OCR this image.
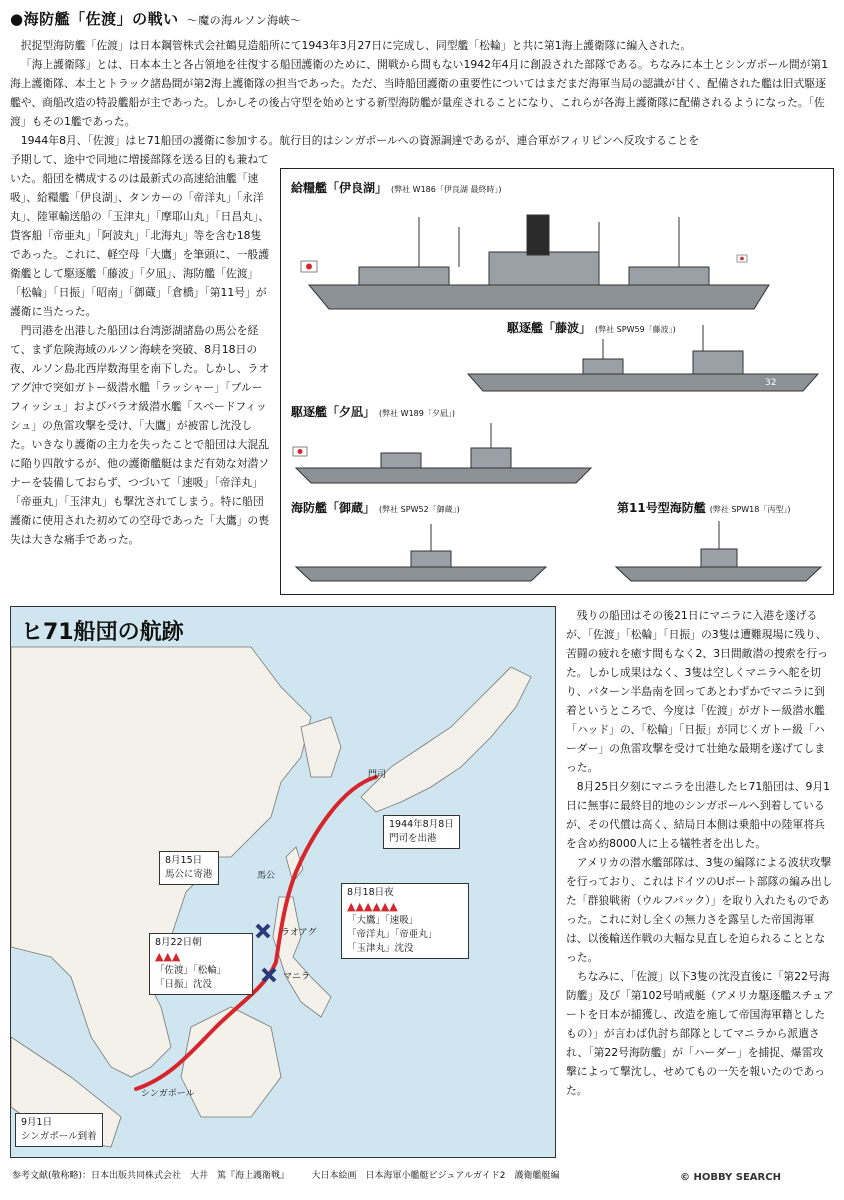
●海防艦「佐渡」の戦い 〜魔の海ルソン海峡〜

択捉型海防艦「佐渡」は日本鋼管株式会社鶴見造船所にて1943年3月27日に完成し、同型艦「松輪」と共に第1海上護衛隊に編入された。

「海上護衛隊」とは、日本本土と各占領地を往復する船団護衛のために、開戦から間もない1942年4月に創設された部隊である。ちなみに本土とシンガポール間が第1海上護衛隊、本土とトラック諸島間が第2海上護衛隊の担当であった。ただ、当時船団護衛の重要性についてはまだまだ海軍当局の認識が甘く、配備された艦は旧式駆逐艦や、商船改造の特設艦船が主であった。しかしその後占守型を始めとする新型海防艦が量産されることになり、これらが各海上護衛隊に配備されるようになった。「佐渡」もその1艦であった。

1944年8月、「佐渡」はヒ71船団の護衛に参加する。航行目的はシンガポールへの資源調達であるが、連合軍がフィリピンへ反攻することを

予期して、途中で同地に増援部隊を送る目的も兼ねていた。船団を構成するのは最新式の高速給油艦「速吸」、給糧艦「伊良湖」、タンカーの「帝洋丸」「永洋丸」、陸軍輸送船の「玉津丸」「摩耶山丸」「日昌丸」、貨客船「帝亜丸」「阿波丸」「北海丸」等を含む18隻であった。これに、軽空母「大鷹」を筆頭に、一般護衛艦として駆逐艦「藤波」「夕凪」、海防艦「佐渡」「松輪」「日振」「昭南」「御蔵」「倉橋」「第11号」が護衛に当たった。

門司港を出港した船団は台湾澎湖諸島の馬公を経て、まず危険海域のルソン海峡を突破、8月18日の夜、ルソン島北西岸数海里を南下した。しかし、ラオアグ沖で突如ガトー級潜水艦「ラッシャー」「ブルーフィッシュ」およびバラオ級潜水艦「スペードフィッシュ」の魚雷攻撃を受け、「大鷹」が被雷し沈没した。いきなり護衛の主力を失ったことで船団は大混乱に陥り四散するが、他の護衛艦艇はまだ有効な対潜ソナーを装備しておらず、つづいて「速吸」「帝洋丸」「帝亜丸」「玉津丸」も撃沈されてしまう。特に船団護衛に使用された初めての空母であった「大鷹」の喪失は大きな痛手であった。

給糧艦「伊良湖」 (弊社 W186「伊良湖 最終時」)
駆逐艦「藤波」 (弊社 SPW59「藤波」)
32
駆逐艦「夕凪」 (弊社 W189「夕凪」)
海防艦「御蔵」 (弊社 SPW52「御蔵」)	第11号型海防艦 (弊社 SPW18「丙型」)
ヒ71船団の航跡
門司
馬公
ラオアグ
マニラ
シンガポール
1944年8月8日
門司を出港
8月15日
馬公に寄港
9月1日
シンガポール到着
8月18日夜
▲▲▲▲▲▲
「大鷹」「速吸」
「帝洋丸」「帝亜丸」
「玉津丸」沈没
8月22日朝
▲▲▲
「佐渡」「松輪」
「日振」沈没

残りの船団はその後21日にマニラに入港を遂げるが、「佐渡」「松輪」「日振」の3隻は遭難現場に残り、苦闘の疲れを癒す間もなく2、3日間敵潜の捜索を行った。しかし成果はなく、3隻は空しくマニラへ舵を切り、バターン半島南を回ってあとわずかでマニラに到着というところで、今度は「佐渡」がガトー級潜水艦「ハッド」の、「松輪」「日振」が同じくガトー級「ハーダー」の魚雷攻撃を受けて壮絶な最期を遂げてしまった。

8月25日夕刻にマニラを出港したヒ71船団は、9月1日に無事に最終目的地のシンガポールへ到着しているが、その代償は高く、結局日本側は乗船中の陸軍将兵を含め約8000人に上る犠牲者を出した。

アメリカの潜水艦部隊は、3隻の編隊による波状攻撃を行っており、これはドイツのUボート部隊の編み出した「群狼戦術（ウルフパック）」を取り入れたものであった。これに対し全くの無力さを露呈した帝国海軍は、以後輸送作戦の大幅な見直しを迫られることとなった。

ちなみに、「佐渡」以下3隻の沈没直後に「第22号海防艦」及び「第102号哨戒艇（アメリカ駆逐艦スチュアートを日本が捕獲し、改造を施して帝国海軍籍としたもの）」が言わば仇討ち部隊としてマニラから派遣され、「第22号海防艦」が「ハーダー」を捕捉、爆雷攻撃によって撃沈し、せめてもの一矢を報いたのであった。

参考文献(敬称略)：日本出版共同株式会社　大井　篤『海上護衛戦』　　　大日本絵画　日本海軍小艦艇ビジュアルガイド2　護衛艦艇編	© HOBBY SEARCH
